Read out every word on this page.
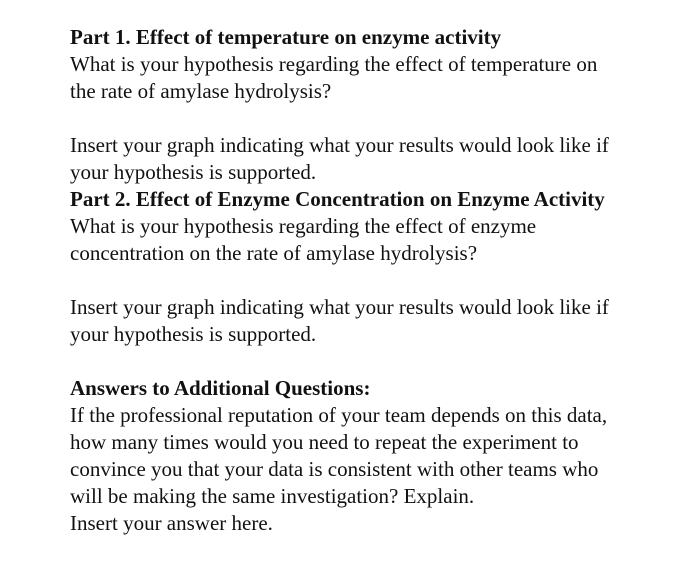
Part 1. Effect of temperature on enzyme activity
What is your hypothesis regarding the effect of temperature on
the rate of amylase hydrolysis?
Insert your graph indicating what your results would look like if
your hypothesis is supported.
Part 2. Effect of Enzyme Concentration on Enzyme Activity
What is your hypothesis regarding the effect of enzyme
concentration on the rate of amylase hydrolysis?
Insert your graph indicating what your results would look like if
your hypothesis is supported.
Answers to Additional Questions:
If the professional reputation of your team depends on this data,
how many times would you need to repeat the experiment to
convince you that your data is consistent with other teams who
will be making the same investigation? Explain.
Insert your answer here.
